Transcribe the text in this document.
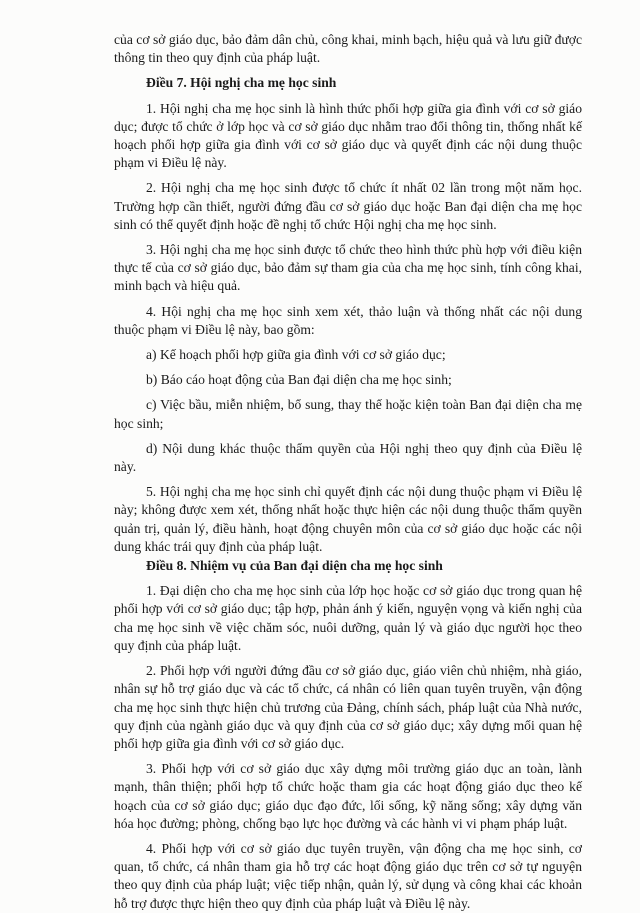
của cơ sở giáo dục, bảo đảm dân chủ, công khai, minh bạch, hiệu quả và lưu giữ được thông tin theo quy định của pháp luật.

Điều 7. Hội nghị cha mẹ học sinh

1. Hội nghị cha mẹ học sinh là hình thức phối hợp giữa gia đình với cơ sở giáo dục; được tổ chức ở lớp học và cơ sở giáo dục nhằm trao đổi thông tin, thống nhất kế hoạch phối hợp giữa gia đình với cơ sở giáo dục và quyết định các nội dung thuộc phạm vi Điều lệ này.

2. Hội nghị cha mẹ học sinh được tổ chức ít nhất 02 lần trong một năm học. Trường hợp cần thiết, người đứng đầu cơ sở giáo dục hoặc Ban đại diện cha mẹ học sinh có thể quyết định hoặc đề nghị tổ chức Hội nghị cha mẹ học sinh.

3. Hội nghị cha mẹ học sinh được tổ chức theo hình thức phù hợp với điều kiện thực tế của cơ sở giáo dục, bảo đảm sự tham gia của cha mẹ học sinh, tính công khai, minh bạch và hiệu quả.

4. Hội nghị cha mẹ học sinh xem xét, thảo luận và thống nhất các nội dung thuộc phạm vi Điều lệ này, bao gồm:

a) Kế hoạch phối hợp giữa gia đình với cơ sở giáo dục;

b) Báo cáo hoạt động của Ban đại diện cha mẹ học sinh;

c) Việc bầu, miễn nhiệm, bổ sung, thay thế hoặc kiện toàn Ban đại diện cha mẹ học sinh;

d) Nội dung khác thuộc thẩm quyền của Hội nghị theo quy định của Điều lệ này.

5. Hội nghị cha mẹ học sinh chỉ quyết định các nội dung thuộc phạm vi Điều lệ này; không được xem xét, thống nhất hoặc thực hiện các nội dung thuộc thẩm quyền quản trị, quản lý, điều hành, hoạt động chuyên môn của cơ sở giáo dục hoặc các nội dung khác trái quy định của pháp luật.

Điều 8. Nhiệm vụ của Ban đại diện cha mẹ học sinh

1. Đại diện cho cha mẹ học sinh của lớp học hoặc cơ sở giáo dục trong quan hệ phối hợp với cơ sở giáo dục; tập hợp, phản ánh ý kiến, nguyện vọng và kiến nghị của cha mẹ học sinh về việc chăm sóc, nuôi dưỡng, quản lý và giáo dục người học theo quy định của pháp luật.

2. Phối hợp với người đứng đầu cơ sở giáo dục, giáo viên chủ nhiệm, nhà giáo, nhân sự hỗ trợ giáo dục và các tổ chức, cá nhân có liên quan tuyên truyền, vận động cha mẹ học sinh thực hiện chủ trương của Đảng, chính sách, pháp luật của Nhà nước, quy định của ngành giáo dục và quy định của cơ sở giáo dục; xây dựng mối quan hệ phối hợp giữa gia đình với cơ sở giáo dục.

3. Phối hợp với cơ sở giáo dục xây dựng môi trường giáo dục an toàn, lành mạnh, thân thiện; phối hợp tổ chức hoặc tham gia các hoạt động giáo dục theo kế hoạch của cơ sở giáo dục; giáo dục đạo đức, lối sống, kỹ năng sống; xây dựng văn hóa học đường; phòng, chống bạo lực học đường và các hành vi vi phạm pháp luật.

4. Phối hợp với cơ sở giáo dục tuyên truyền, vận động cha mẹ học sinh, cơ quan, tổ chức, cá nhân tham gia hỗ trợ các hoạt động giáo dục trên cơ sở tự nguyện theo quy định của pháp luật; việc tiếp nhận, quản lý, sử dụng và công khai các khoản hỗ trợ được thực hiện theo quy định của pháp luật và Điều lệ này.
